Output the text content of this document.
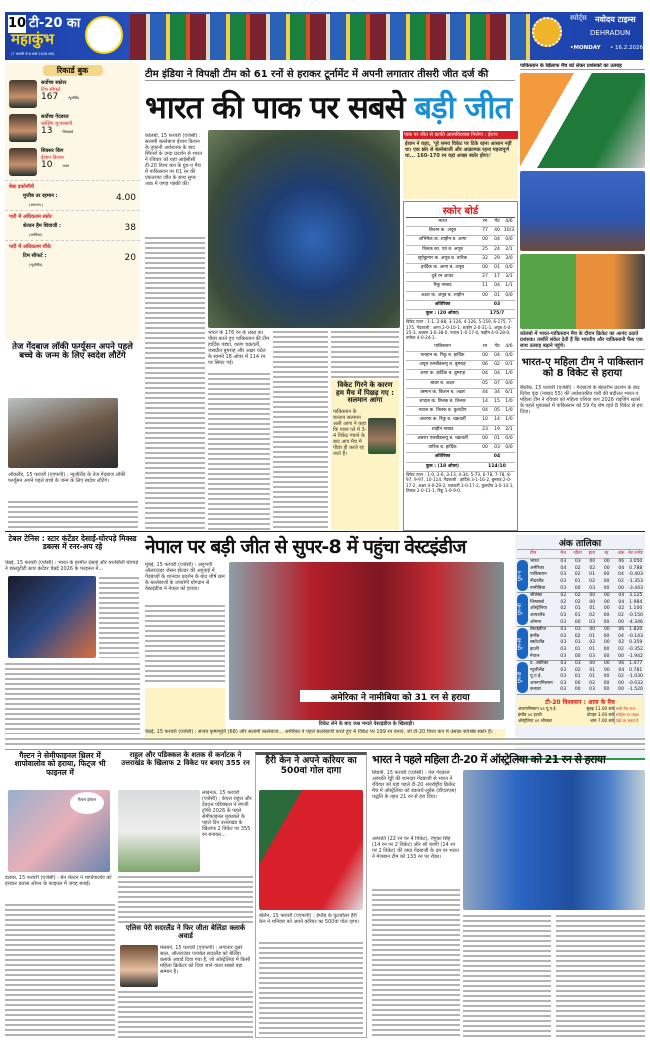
10 टी-20 का
महाकुंभ
(7 फरवरी से 8 मार्च 2026 तक)
स्पोर्ट्स नवोदय टाइम्स
DEHRADUN
•MONDAY • 16.2.2026
रिकार्ड बुक
सर्वोच्च स्कोरर
टिम सीफर्ट
167	न्यूजीलैंड
सर्वोच्च गेंदबाज
ब्लेसिंग मुजरबानी
13	जिम्बाब्वे
सिक्सर किंग
ईशान किशन
10	भारत
बेस्ट इकोनॉमी
मुजीब उर रहमान :	4.00
(अफगान.)
पारी में अधिकतम स्कोर
शेल्डन हैम शिवाजी :	38
(अमेरिका)
पारी में अधिकतम चौके
टिम सीफर्ट :	20
(न्यूजीलैंड)
तेज गेंदबाज लॉकी फर्ग्यूसन अपने पहले बच्चे के जन्म के लिए स्वदेश लौटेंगे
ऑकलैंड, 15 फरवरी (एएफपी) : न्यूजीलैंड के तेज गेंदबाज लॉकी फर्ग्यूसन अपने पहले बच्चे के जन्म के लिए स्वदेश लौटेंगे।
टीम इंडिया ने विपक्षी टीम को 61 रनों से हराकर टूर्नामेंट में अपनी लगातार तीसरी जीत दर्ज की
भारत की पाक पर सबसे बड़ी जीत
कोलंबो, 15 फरवरी (एजेंसी) : सलामी बल्लेबाज ईशान किशन के तूफानी अर्धशतक के बाद स्पिनरों के उम्दा प्रदर्शन से भारत ने रविवार को यहां आईसीसी टी-20 विश्व कप के ग्रुप-ए मैच में पाकिस्तान पर 61 रन की एकतरफा जीत के साथ सुपर आठ में जगह पक्की की।
भारत के 176 रन के लक्ष्य का पीछा करते हुए पाकिस्तान की टीम हार्दिक पंड्या, वरुण चक्रवर्ती, जसप्रीत बुमराह और अक्षर पटेल के सामने 18 ओवर में 114 रन पर सिमट गई।
विकेट गिरने के कारण हम मैच में पिछड़ गए : सलमान आगा
पाकिस्तान के कप्तान सलमान अली आगा ने कहा कि पावर प्ले में 3-4 विकेट गंवाने के बाद आप मैच में पीछा ही करते रह जाते हैं।
पाक पर जीत से काफी आत्मविश्वास मिलेगा : ईशान
ईशान ने कहा, 'पूरे समय विकेट पर टिके रहना आसान नहीं था। एक छोर से बल्लेबाजी और आक्रामक रहना महत्वपूर्ण था... 160-170 रन यहां अच्छा स्कोर होगा।'
स्कोर बोर्ड
भारत	रन	गेंद	4/6
किशन क. अयूब	77	40 10/3
अभिषेक क. शाहीन ब. आगा	00	04	0/0
तिलक का. एवं ब. अयूब	25	24	2/1
सूर्यकुमार क. अयूब ब. तारिक	32	29	3/0
हार्दिक क. आगा ब. अयूब	00	01	0/0
दुबे रन आउट	27	17	3/1
रिंकू नाबाद	11	04	1/1
अक्षर क. अयूब ब. शाहीन	00	01	0/0
अतिरिक्त	03
कुल : (20 ओवर)	175/7
विकेट पतन : 1-1, 2-88, 3-126, 4-126, 5-159, 6-175, 7-175. गेंदबाजी : आगा 2-0-10-1, शाहीन 2-0-31-1, अयूब 4-0-25-3, अबरार 3-0-38-0, नवाज 1-0-17-0, फहीम 4-0-28-0, तारिक 4-0-24-1.
पाकिस्तान	रन	गेंद	4/6
फरहान क. रिंकू ब. हार्दिक	00	04	0/0
अयूब एलबीडब्ल्यू ब. बुमराह	06	02	0/1
आगा क. हार्दिक ब. बुमराह	04	04	1/0
बाबर ब. अक्षर	05	07	0/0
उस्मान क. किशन ब. अक्षर	44	34	6/1
शादाब क. तिलक ब. तिलक	14	15	1/0
नवाज क. तिलक ब. कुलदीप	04	05	1/0
अशरफ क. रिंकू ब. चक्रवर्ती	10	14	1/0
शाहीन नाबाद	23	19	2/1
अबरार एलबीडब्ल्यू ब. चक्रवर्ती	00	01	0/0
तारिक ब. हार्दिक	00	03	0/0
अतिरिक्त	04
कुल : (18 ओवर)	114/10
विकेट पतन : 1-0, 2-6, 3-13, 4-34, 5-73, 6-78, 7-78, 8-97, 9-97, 10-114. गेंदबाजी : हार्दिक 3-1-16-2, बुमराह 2-0-17-2, अक्षर 4-0-29-2, चक्रवर्ती 3-0-17-2, कुलदीप 3-0-14-1, तिलक 2-0-11-1, रिंकू 1-0-9-0.
पाकिस्तान के खिलाफ मैच को लेकर प्रशंसकों का उत्साह
कोलंबो में भारत-पाकिस्तान मैच के दौरान क्रिकेट का आनंद उठाते प्रशंसक। तस्वीरें संकेत देती हैं कि भारतीय और पाकिस्तानी फैंस एक साथ उत्साह बढ़ाने पहुंचे।
भारत-ए महिला टीम ने पाकिस्तान को 8 विकेट से हराया
बैंकॉक, 15 फरवरी (एजेंसी) : गेंदबाजों के बेहतरीन प्रदर्शन के बाद दिनेश वृंदा (नाबाद 55) की अर्धशतकीय पारी की बदौलत भारत-ए महिला टीम ने रविवार को महिला एशिया कप 2026 राइजिंग स्टार्स के पहले मुकाबले में पाकिस्तान को 59 गेंद शेष रहते 8 विकेट से हरा दिया।
टेबल टेनिस : स्टार कंटेंडर देसाई-घोरपड़े मिक्स्ड डबल्स में रनर-अप रहे
चेन्नई, 15 फरवरी (एजेंसी) : भारत के हरमीत देसाई और यशस्विनी घोरपड़े ने डब्ल्यूटीटी स्टार कंटेंडर चेन्नई 2026 के फाइनल में...
नेपाल पर बड़ी जीत से सुपर-8 में पहुंचा वेस्टइंडीज
मुंबई, 15 फरवरी (एजेंसी) : अनुभवी ऑलराउंडर जेसन होल्डर की अगुवाई में गेंदबाजों के शानदार प्रदर्शन के बाद शीर्ष क्रम के बल्लेबाजों के उपयोगी योगदान से वेस्टइंडीज ने नेपाल को हराया।
विकेट लेने के बाद जश्न मनाते वेस्टइंडीज के खिलाड़ी।
अमेरिका ने नामीबिया को 31 रन से हराया
चेन्नई, 15 फरवरी (एजेंसी) : संजय कृष्णमूर्ति (68) और सलामी बल्लेबाज... अमेरिका ने पहले बल्लेबाजी करते हुए 4 विकेट पर 199 रन बनाए, जो टी-20 विश्व कप में उसका सर्वश्रेष्ठ स्कोर है।
अंक तालिका
टीम	मैच	जीता	हारा	रद्द	अंक नेट रनरेट
ग्रुप-ए
भारत	03	03	00	00	06	3.050
अमेरिका	04	02	02	00	04	0.788
पाकिस्तान	03	02	01	00	04 -0.403
नीदरलैंड	03	01	02	00	02 -1.353
नामीबिया	03	00	03	00	00 -3.443
ग्रुप-बी
श्रीलंका	02	02	00	00	04	3.125
जिम्बाब्वे	02	02	00	00	04	1.984
ऑस्ट्रेलिया	02	01	01	00	02	1.100
आयरलैंड	03	01	02	00	02 -0.150
ओमान	03	00	03	00	00 -4.346
ग्रुप-सी
वेस्टइंडीज	03	03	00	00	06	1.820
इंग्लैंड	03	02	01	00	04 -0.143
स्कॉटलैंड	03	01	02	00	02	0.359
इटली	03	01	01	00	02 -0.352
नेपाल	03	00	03	00	00 -1.942
ग्रुप-डी
द. अफ्रीका	03	03	00	00	06	1.477
न्यूजीलैंड	03	02	01	00	04	0.781
यू.ए.ई.	03	01	01	00	02 -1.030
अफगानिस्तान	03	00	02	00	00 -0.033
कनाडा	03	00	03	00	00 -1.520
टी-20 विश्वकप : आज के मैच
अफगानिस्तान vs यू.ए.ई.	सुबह 11.00 बजे
इंग्लैंड vs इटली	दोपहर 3.00 बजे
ऑस्ट्रेलिया vs श्रीलंका	शाम 7.00 बजे
सभी मैच स्टार स्पोर्ट्स पर लाइव देखे जा सकते हैं
गैल्टन ने सेमीफाइनल थ्रिलर में शापोवालोव को हराया, फिट्ज भी फाइनल में
गैल्टन हॉस्टन
डलास, 15 फरवरी (एजेंसी) : बेन शेल्टन ने शापोवालोव को हराकर डलास ओपन के फाइनल में जगह बनाई।
राहुल और पडिक्कल के शतक से कर्नाटक ने उत्तराखंड के खिलाफ 2 विकेट पर बनाए 355 रन
लखनऊ, 15 फरवरी (एजेंसी) : केएल राहुल और देवदत्त पडिक्कल ने रणजी ट्रॉफी 2026 के पहले सेमीफाइनल मुकाबले के पहले दिन उत्तराखंड के खिलाफ 2 विकेट पर 355 रन बनाकर...
एलिस पेरी सदरलैंड ने फिर जीता बेलिंडा क्लार्क अवार्ड
मेलबर्न, 15 फरवरी (एएफपी) : लगातार दूसरे साल, ऑलराउंडर एनाबेल सदरलैंड को बेलिंडा क्लार्क अवार्ड दिया गया है, जो ऑस्ट्रेलिया में किसी महिला क्रिकेटर को दिया जाने वाला सबसे बड़ा सम्मान है।
हैरी केन ने अपने करियर का 500वां गोल दागा
बर्लिन, 15 फरवरी (एएफपी) : इंग्लैंड के फुटबॉलर हैरी केन ने शनिवार को अपने करियर का 500वां गोल दागा।
भारत ने पहले महिला टी-20 में ऑस्ट्रेलिया को 21 रन से हराया
सिडनी, 15 फरवरी (एजेंसी) : तेज गेंदबाज अरुंधति रेड्डी की शानदार गेंदबाजी से भारत ने रविवार को यहां पहले टी-20 अंतर्राष्ट्रीय क्रिकेट मैच में ऑस्ट्रेलिया को डकवर्थ-लुईस (डीएलएस) पद्धति के तहत 21 रन से हरा दिया।
अरुंधति (22 रन पर 4 विकेट), रेणुका सिंह (14 रन पर 2 विकेट) और श्री चरणी (14 रन पर 2 विकेट) की उम्दा गेंदबाजी के दम पर भारत ने मेजबान टीम को 133 रन पर रोका।
